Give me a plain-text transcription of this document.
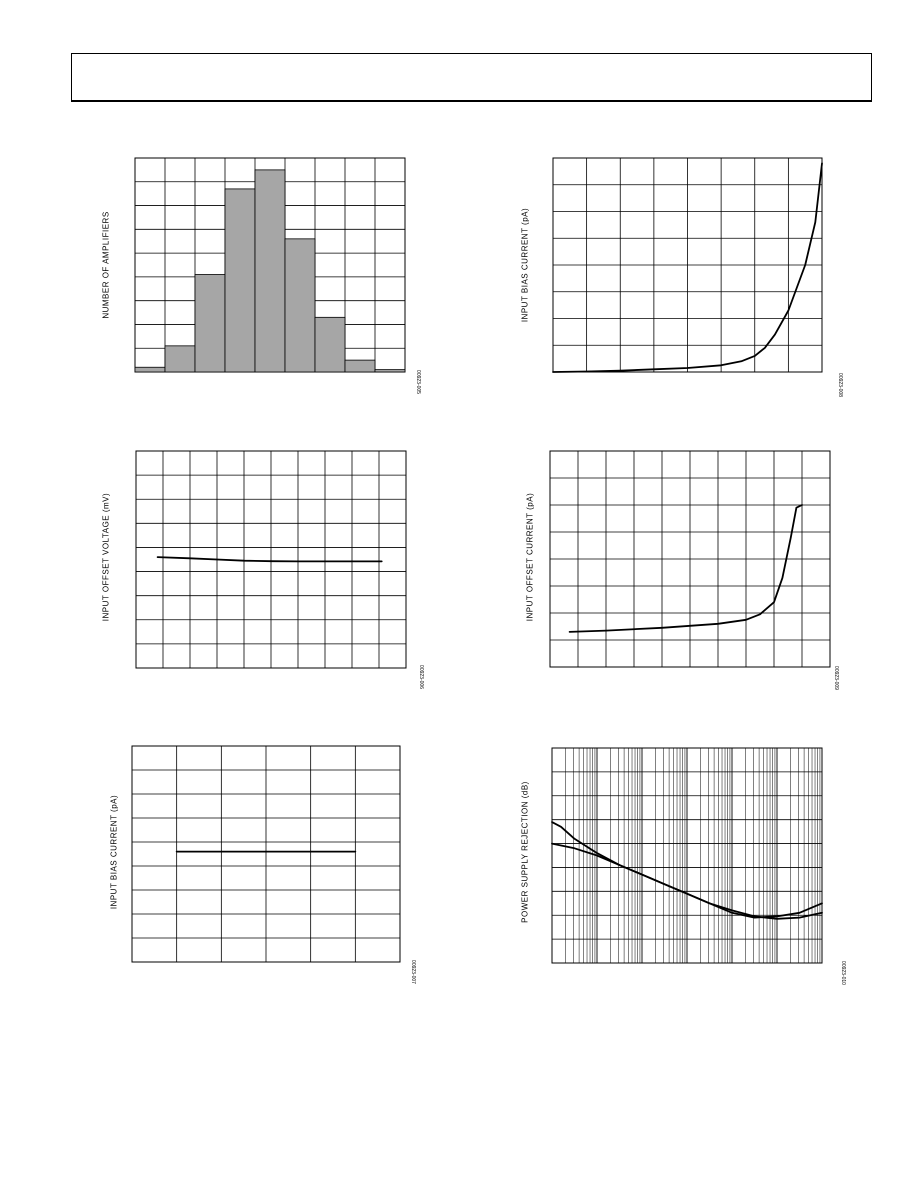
NUMBER OF AMPLIFIERS
00923-005
INPUT BIAS CURRENT (pA)
00923-008
INPUT OFFSET VOLTAGE (mV)
00923-006
INPUT OFFSET CURRENT (pA)
00923-009
INPUT BIAS CURRENT (pA)
00923-007
POWER SUPPLY REJECTION (dB)
00923-010
